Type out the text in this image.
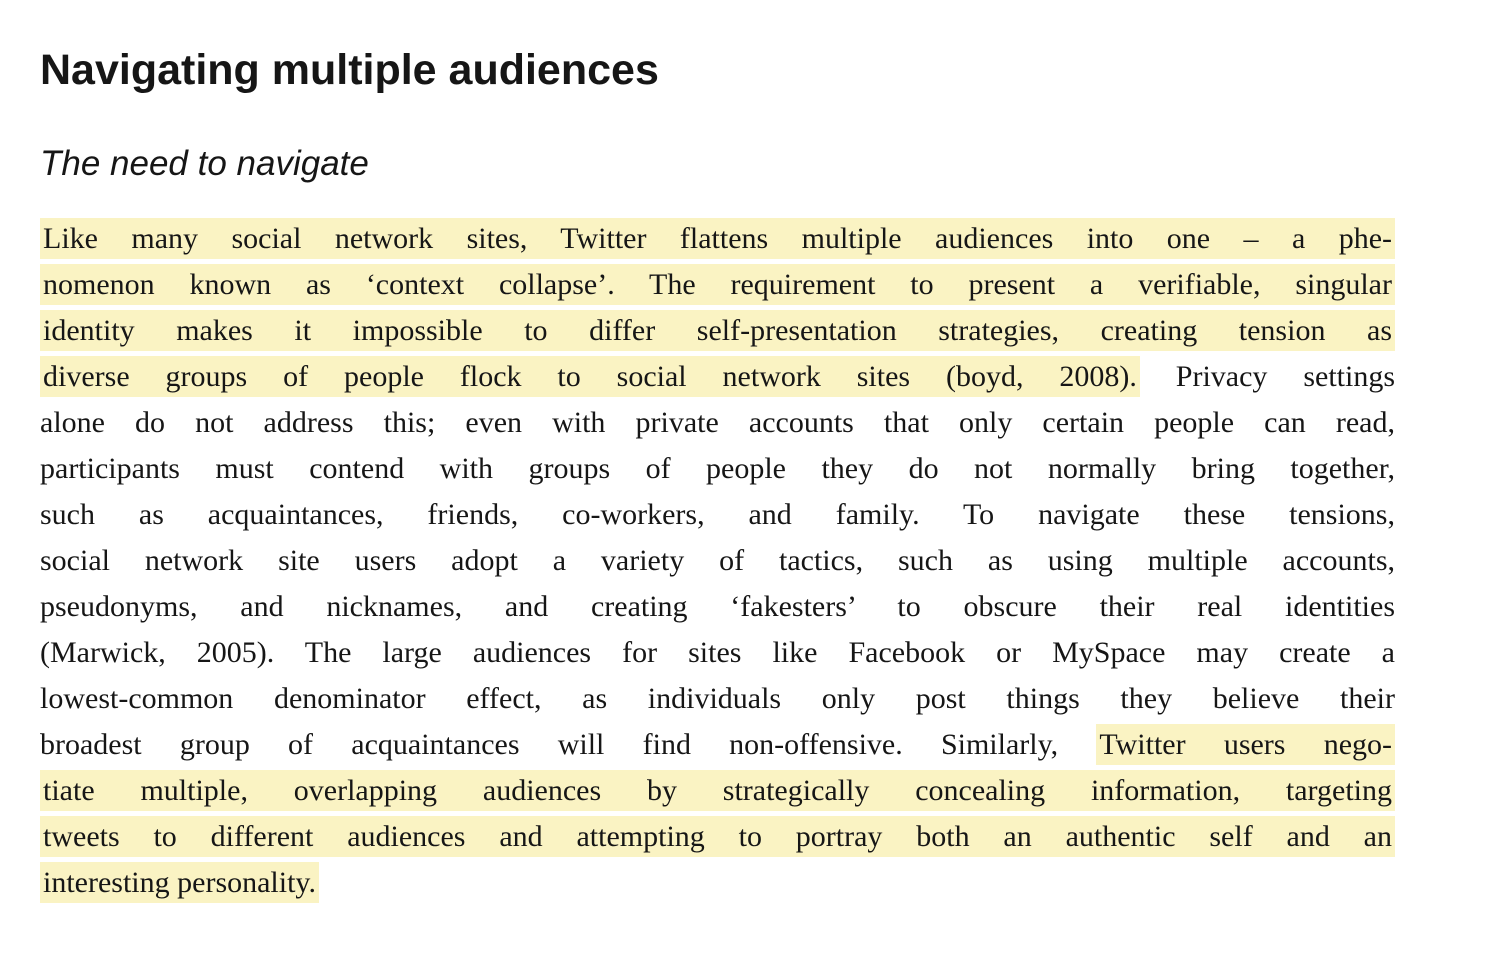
Navigating multiple audiences
The need to navigate
Like many social network sites, Twitter flattens multiple audiences into one – a phe-
nomenon known as ‘context collapse’. The requirement to present a verifiable, singular
identity makes it impossible to differ self-presentation strategies, creating tension as
diverse groups of people flock to social network sites (boyd, 2008). Privacy settings
alone do not address this; even with private accounts that only certain people can read,
participants must contend with groups of people they do not normally bring together,
such as acquaintances, friends, co-workers, and family. To navigate these tensions,
social network site users adopt a variety of tactics, such as using multiple accounts,
pseudonyms, and nicknames, and creating ‘fakesters’ to obscure their real identities
(Marwick, 2005). The large audiences for sites like Facebook or MySpace may create a
lowest-common denominator effect, as individuals only post things they believe their
broadest group of acquaintances will find non-offensive. Similarly, Twitter users nego-
tiate multiple, overlapping audiences by strategically concealing information, targeting
tweets to different audiences and attempting to portray both an authentic self and an
interesting personality.
